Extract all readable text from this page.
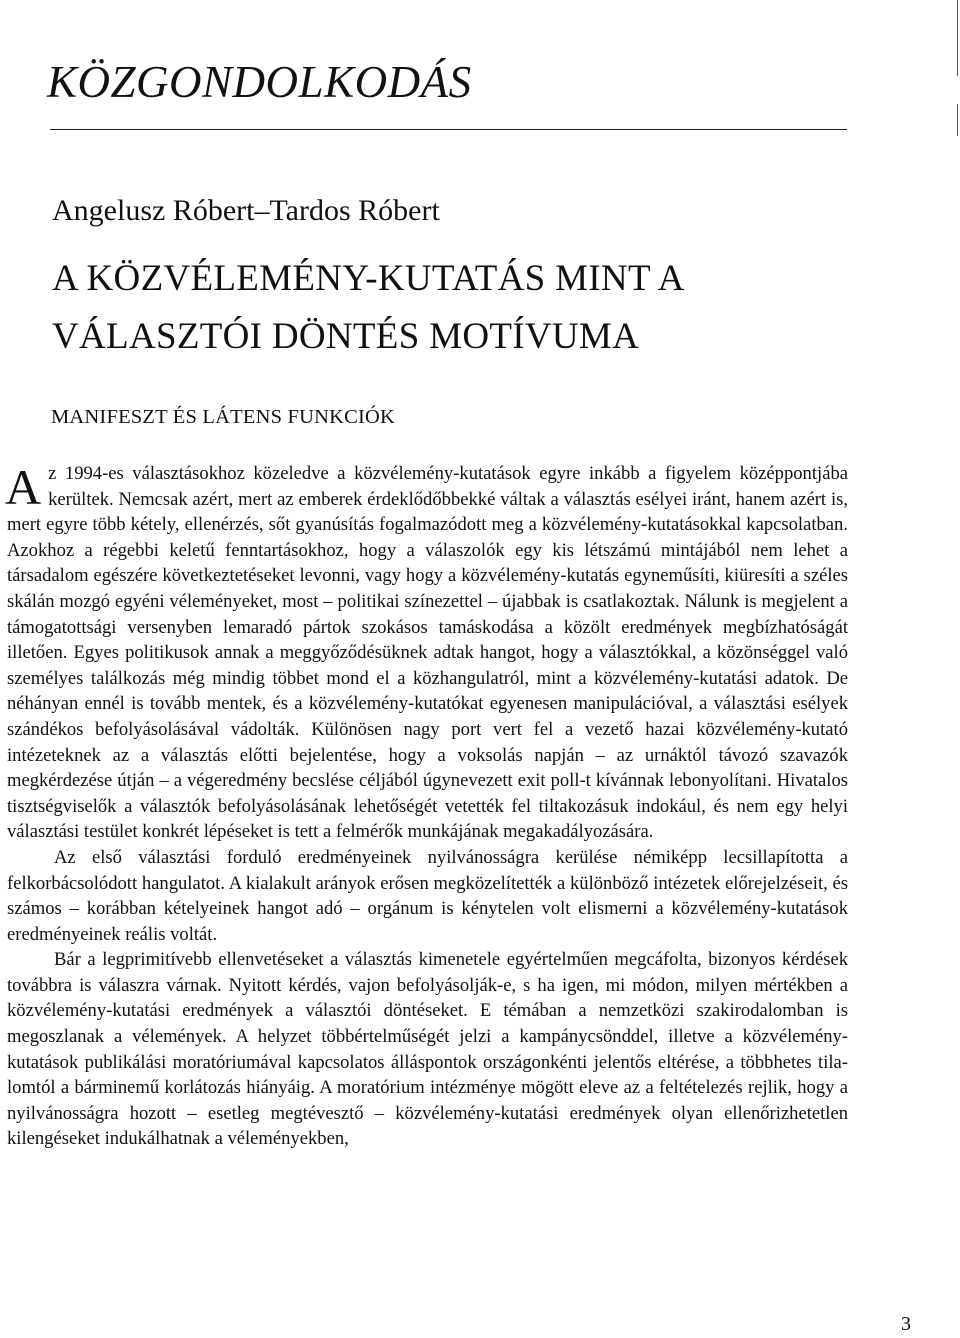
KÖZGONDOLKODÁS
Angelusz Róbert–Tardos Róbert
A KÖZVÉLEMÉNY-KUTATÁS MINT A
VÁLASZTÓI DÖNTÉS MOTÍVUMA
MANIFESZT ÉS LÁTENS FUNKCIÓK

Az 1994-es választásokhoz közeledve a közvélemény-kutatások egyre inkább a figyelem középpontjába kerültek. Nemcsak azért, mert az emberek érdeklődőbbekké váltak a választás esélyei iránt, hanem azért is, mert egyre több kétely, ellenérzés, sőt gyanúsítás fogalmazódott meg a közvélemény-kutatásokkal kapcsolatban. Azokhoz a régebbi keletű fenntartásokhoz, hogy a válaszolók egy kis létszámú mintájából nem lehet a társadalom egészére következtetéseket levonni, vagy hogy a közvélemény-kutatás egyneműsíti, kiüresíti a széles skálán mozgó egyéni véleményeket, most – politikai színezettel – újabbak is csatlakoztak. Nálunk is megjelent a támogatottsági versenyben lemaradó pártok szokásos tamáskodása a közölt eredmények megbízhatóságát illetően. Egyes politikusok annak a meggyőződésüknek adtak hangot, hogy a választókkal, a közönséggel való személyes találkozás még mindig többet mond el a közhangulatról, mint a közvélemény-kutatási adatok. De néhányan ennél is tovább mentek, és a közvélemény-kutatókat egyenesen manipulációval, a választási esélyek szándékos befolyásolásával vádolták. Különösen nagy port vert fel a vezető hazai közvélemény-kutató intézeteknek az a választás előtti bejelentése, hogy a voksolás napján – az urnáktól távozó szavazók megkérdezése útján – a végeredmény becslése céljából úgynevezett exit poll-t kívánnak lebonyolítani. Hivatalos tisztségviselők a választók befolyásolásának lehetőségét vetették fel tiltakozásuk indokául, és nem egy helyi választási testület konkrét lépéseket is tett a felmérők munkájának megakadályozására.

Az első választási forduló eredményeinek nyilvánosságra kerülése némiképp lecsillapította a felkorbácsolódott hangulatot. A kialakult arányok erősen megközelítették a különböző intézetek előrejelzéseit, és számos – korábban kételyeinek hangot adó – orgánum is kénytelen volt elismerni a közvélemény-kutatások eredményeinek reális voltát.

Bár a legprimitívebb ellenvetéseket a választás kimenetele egyértelműen megcáfolta, bizonyos kérdések továbbra is válaszra várnak. Nyitott kérdés, vajon befolyásolják-e, s ha igen, mi módon, milyen mértékben a közvélemény-kutatási eredmények a választói döntéseket. E témában a nemzetközi szakirodalomban is megoszlanak a vélemények. A helyzet többértelműségét jelzi a kampánycsönddel, illetve a közvélemény-kutatások publikálási moratóriumával kapcsolatos álláspontok országonkénti jelentős eltérése, a többhetes tilalomtól a bárminemű korlátozás hiányáig. A moratórium intézménye mögött eleve az a feltételezés rejlik, hogy a nyilvánosságra hozott – esetleg megtévesztő – közvélemény-kutatási eredmények olyan ellenőrizhetetlen kilengéseket indukálhatnak a véleményekben,

3
